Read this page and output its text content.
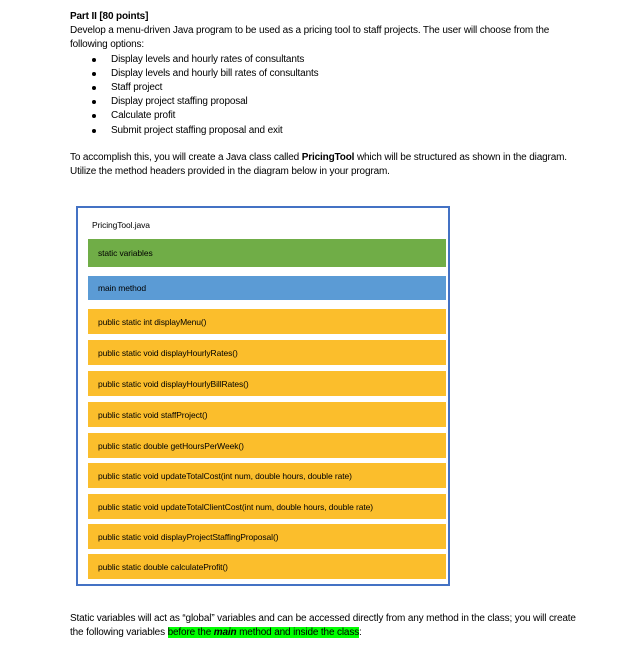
Part II [80 points]
Develop a menu-driven Java program to be used as a pricing tool to staff projects. The user will choose from the following options:
Display levels and hourly rates of consultants
Display levels and hourly bill rates of consultants
Staff project
Display project staffing proposal
Calculate profit
Submit project staffing proposal and exit
To accomplish this, you will create a Java class called PricingTool which will be structured as shown in the diagram. Utilize the method headers provided in the diagram below in your program.
PricingTool.java
static variables
main method
public static int displayMenu()
public static void displayHourlyRates()
public static void displayHourlyBillRates()
public static void staffProject()
public static double getHoursPerWeek()
public static void updateTotalCost(int num, double hours, double rate)
public static void updateTotalClientCost(int num, double hours, double rate)
public static void displayProjectStaffingProposal()
public static double calculateProfit()
Static variables will act as “global” variables and can be accessed directly from any method in the class; you will create the following variables before the main method and inside the class:
